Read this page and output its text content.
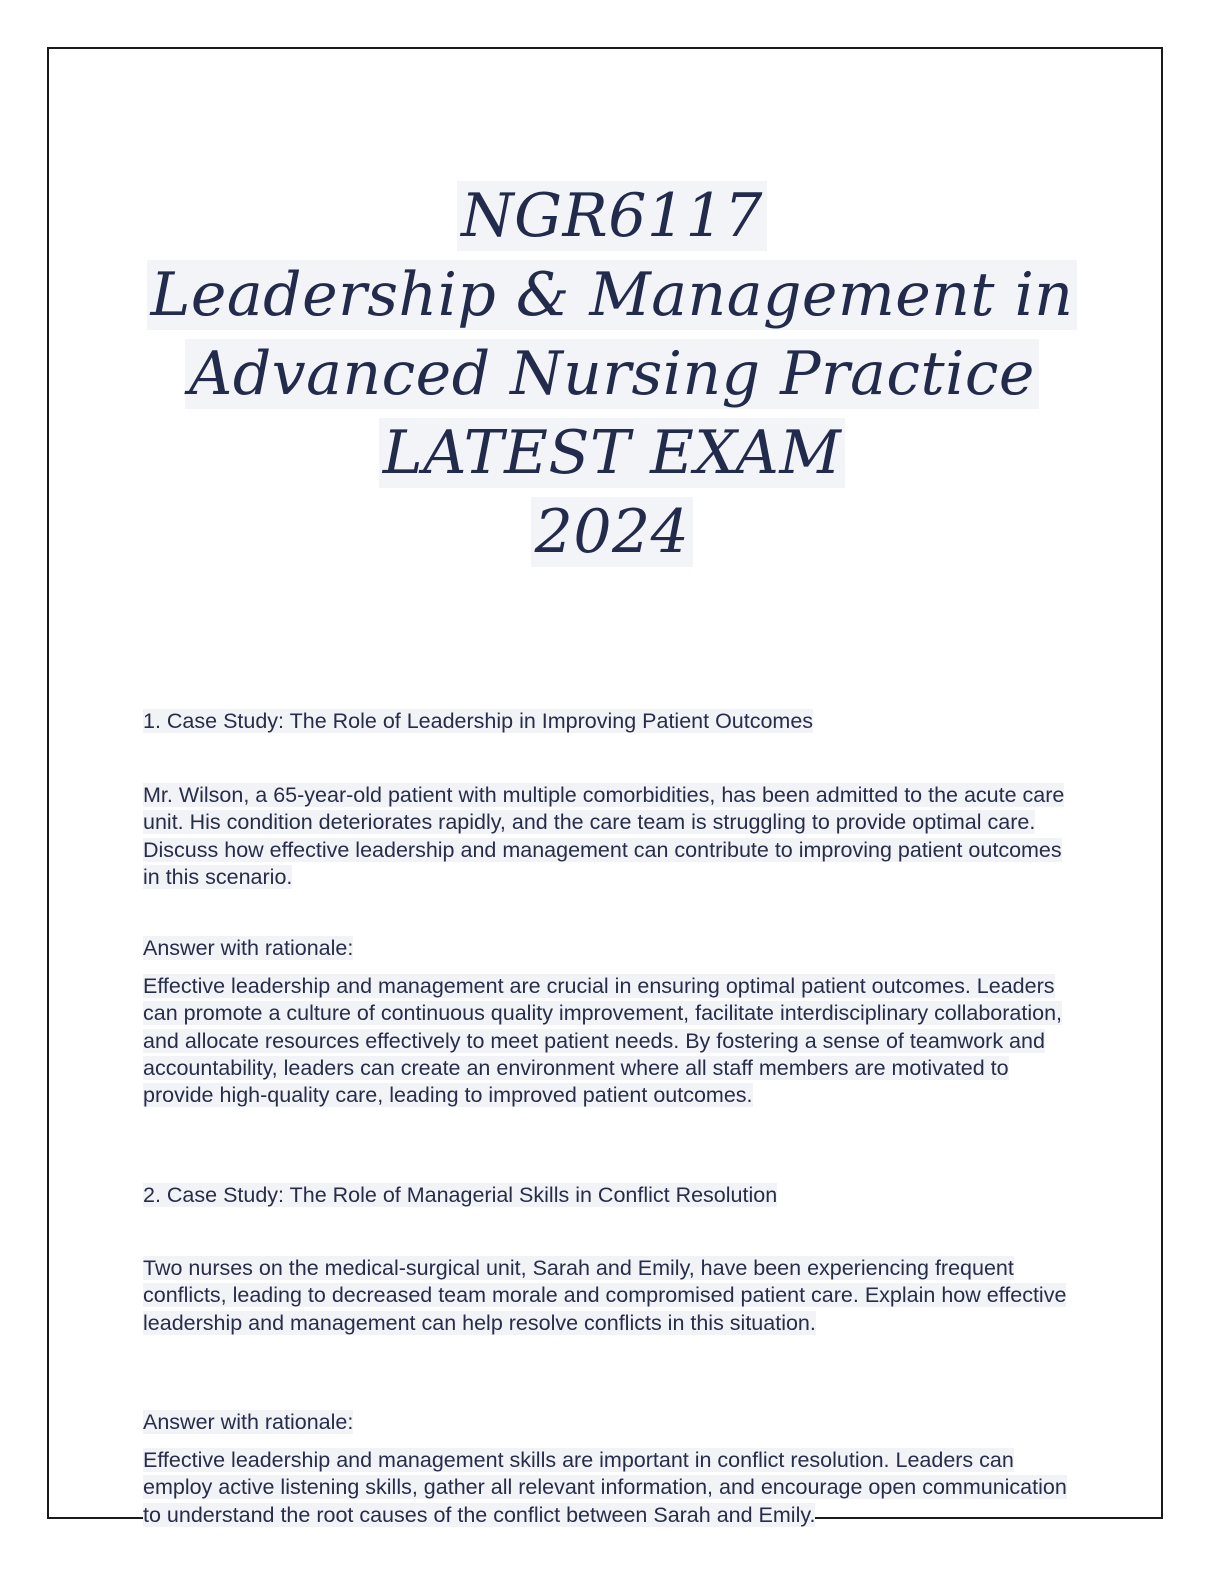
NGR6117
Leadership & Management in
Advanced Nursing Practice
LATEST EXAM
2024
1. Case Study: The Role of Leadership in Improving Patient Outcomes
Mr. Wilson, a 65-year-old patient with multiple comorbidities, has been admitted to the acute care unit. His condition deteriorates rapidly, and the care team is struggling to provide optimal care. Discuss how effective leadership and management can contribute to improving patient outcomes in this scenario.
Answer with rationale:
Effective leadership and management are crucial in ensuring optimal patient outcomes. Leaders can promote a culture of continuous quality improvement, facilitate interdisciplinary collaboration, and allocate resources effectively to meet patient needs. By fostering a sense of teamwork and accountability, leaders can create an environment where all staff members are motivated to provide high-quality care, leading to improved patient outcomes.
2. Case Study: The Role of Managerial Skills in Conflict Resolution
Two nurses on the medical-surgical unit, Sarah and Emily, have been experiencing frequent conflicts, leading to decreased team morale and compromised patient care. Explain how effective leadership and management can help resolve conflicts in this situation.
Answer with rationale:
Effective leadership and management skills are important in conflict resolution. Leaders can employ active listening skills, gather all relevant information, and encourage open communication to understand the root causes of the conflict between Sarah and Emily.
